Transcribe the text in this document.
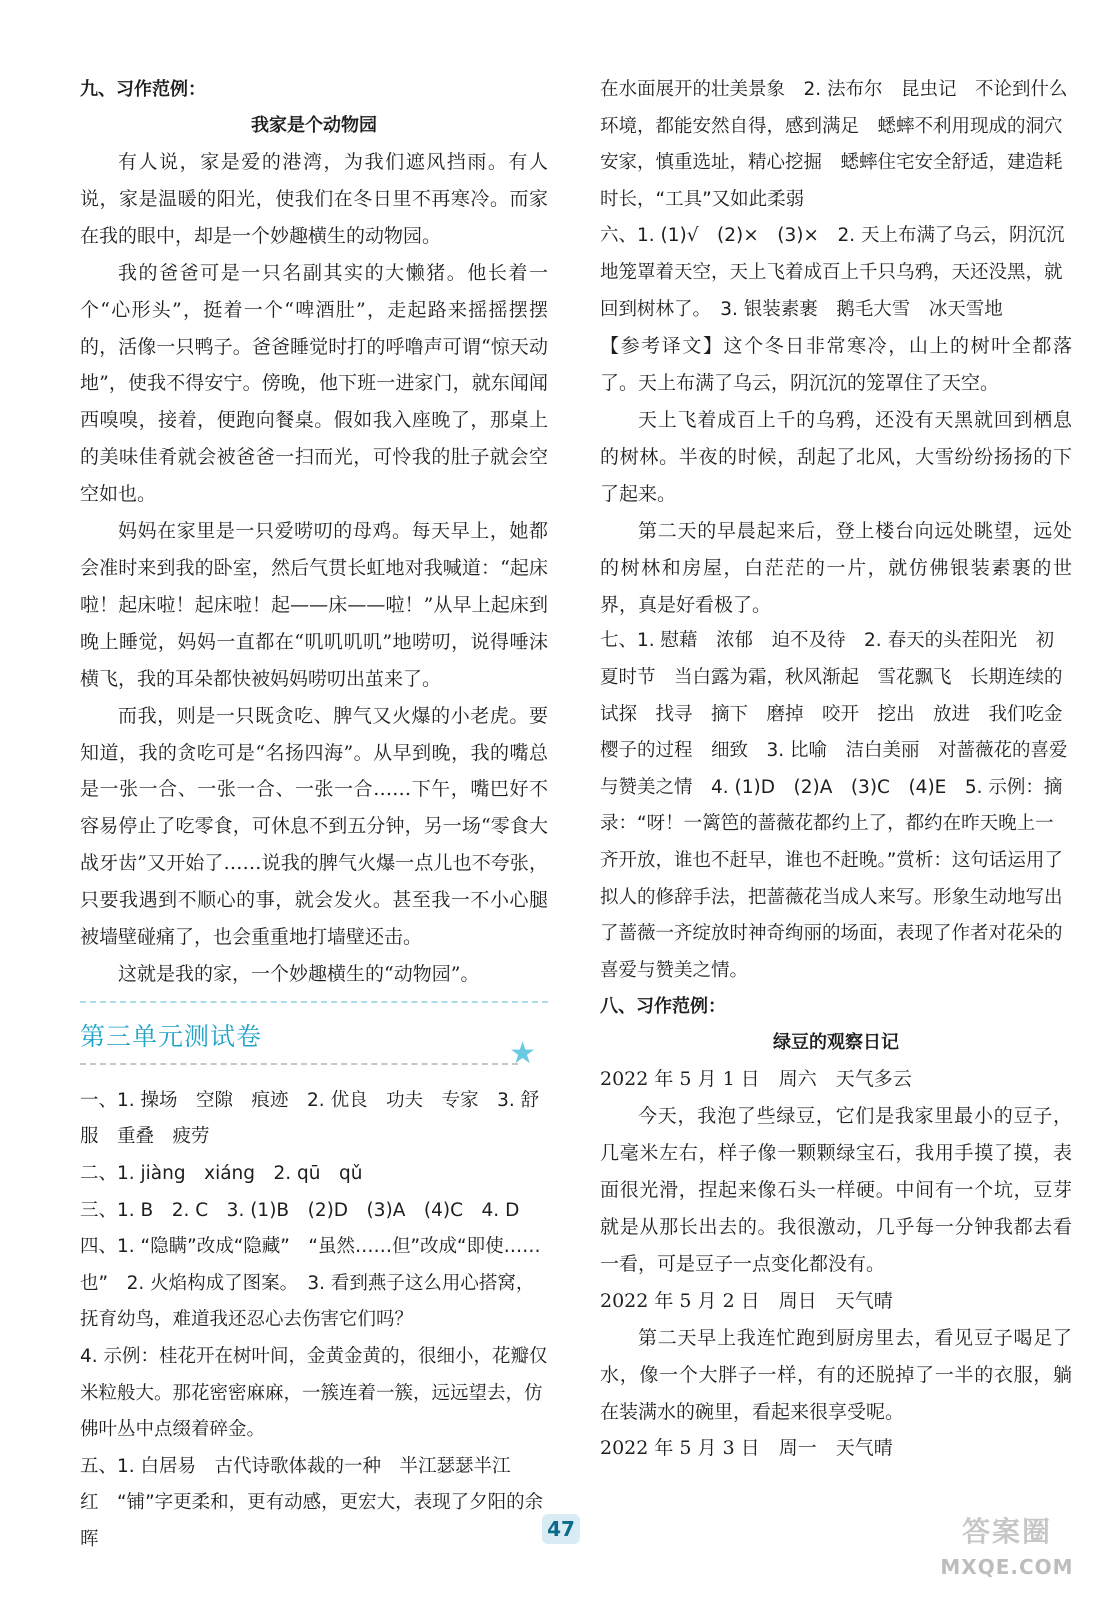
九、习作范例：

我家是个动物园

有人说，家是爱的港湾，为我们遮风挡雨。有人说，家是温暖的阳光，使我们在冬日里不再寒冷。而家在我的眼中，却是一个妙趣横生的动物园。

我的爸爸可是一只名副其实的大懒猪。他长着一个“心形头”，挺着一个“啤酒肚”，走起路来摇摇摆摆的，活像一只鸭子。爸爸睡觉时打的呼噜声可谓“惊天动地”，使我不得安宁。傍晚，他下班一进家门，就东闻闻西嗅嗅，接着，便跑向餐桌。假如我入座晚了，那桌上的美味佳肴就会被爸爸一扫而光，可怜我的肚子就会空空如也。

妈妈在家里是一只爱唠叨的母鸡。每天早上，她都会准时来到我的卧室，然后气贯长虹地对我喊道：“起床啦！起床啦！起床啦！起——床——啦！”从早上起床到晚上睡觉，妈妈一直都在“叽叽叽叽”地唠叨，说得唾沫横飞，我的耳朵都快被妈妈唠叨出茧来了。

而我，则是一只既贪吃、脾气又火爆的小老虎。要知道，我的贪吃可是“名扬四海”。从早到晚，我的嘴总是一张一合、一张一合、一张一合……下午，嘴巴好不容易停止了吃零食，可休息不到五分钟，另一场“零食大战牙齿”又开始了……说我的脾气火爆一点儿也不夸张，只要我遇到不顺心的事，就会发火。甚至我一不小心腿被墙壁碰痛了，也会重重地打墙壁还击。

这就是我的家，一个妙趣横生的“动物园”。

第三单元测试卷	★

一、1. 操场　空隙　痕迹　2. 优良　功夫　专家　3. 舒服　重叠　疲劳

二、1. jiàng　xiáng　2. qū　qǔ

三、1. B　2. C　3. (1)B　(2)D　(3)A　(4)C　4. D

四、1. “隐瞒”改成“隐藏”　“虽然……但”改成“即使……也”　2. 火焰构成了图案。　3. 看到燕子这么用心搭窝，抚育幼鸟，难道我还忍心去伤害它们吗？

4. 示例：桂花开在树叶间，金黄金黄的，很细小，花瓣仅米粒般大。那花密密麻麻，一簇连着一簇，远远望去，仿佛叶丛中点缀着碎金。

五、1. 白居易　古代诗歌体裁的一种　半江瑟瑟半江红　“铺”字更柔和，更有动感，更宏大，表现了夕阳的余晖

在水面展开的壮美景象　2. 法布尔　昆虫记　不论到什么环境，都能安然自得，感到满足　蟋蟀不利用现成的洞穴安家，慎重选址，精心挖掘　蟋蟀住宅安全舒适，建造耗时长，“工具”又如此柔弱

六、1. (1)√　(2)×　(3)×　2. 天上布满了乌云，阴沉沉地笼罩着天空，天上飞着成百上千只乌鸦，天还没黑，就回到树林了。　3. 银装素裹　鹅毛大雪　冰天雪地

【参考译文】这个冬日非常寒冷，山上的树叶全都落了。天上布满了乌云，阴沉沉的笼罩住了天空。

天上飞着成百上千的乌鸦，还没有天黑就回到栖息的树林。半夜的时候，刮起了北风，大雪纷纷扬扬的下了起来。

第二天的早晨起来后，登上楼台向远处眺望，远处的树林和房屋，白茫茫的一片，就仿佛银装素裹的世界，真是好看极了。

七、1. 慰藉　浓郁　迫不及待　2. 春天的头茬阳光　初夏时节　当白露为霜，秋风渐起　雪花飘飞　长期连续的　试探　找寻　摘下　磨掉　咬开　挖出　放进　我们吃金樱子的过程　细致　3. 比喻　洁白美丽　对蔷薇花的喜爱与赞美之情　4. (1)D　(2)A　(3)C　(4)E　5. 示例：摘录：“呀！一篱笆的蔷薇花都约上了，都约在昨天晚上一齐开放，谁也不赶早，谁也不赶晚。”赏析：这句话运用了拟人的修辞手法，把蔷薇花当成人来写。形象生动地写出了蔷薇一齐绽放时神奇绚丽的场面，表现了作者对花朵的喜爱与赞美之情。

八、习作范例：

绿豆的观察日记

2022 年 5 月 1 日　周六　天气多云

今天，我泡了些绿豆，它们是我家里最小的豆子，几毫米左右，样子像一颗颗绿宝石，我用手摸了摸，表面很光滑，捏起来像石头一样硬。中间有一个坑，豆芽就是从那长出去的。我很激动，几乎每一分钟我都去看一看，可是豆子一点变化都没有。

2022 年 5 月 2 日　周日　天气晴

第二天早上我连忙跑到厨房里去，看见豆子喝足了水，像一个大胖子一样，有的还脱掉了一半的衣服，躺在装满水的碗里，看起来很享受呢。

2022 年 5 月 3 日　周一　天气晴

47	答案圈
MXQE.COM
